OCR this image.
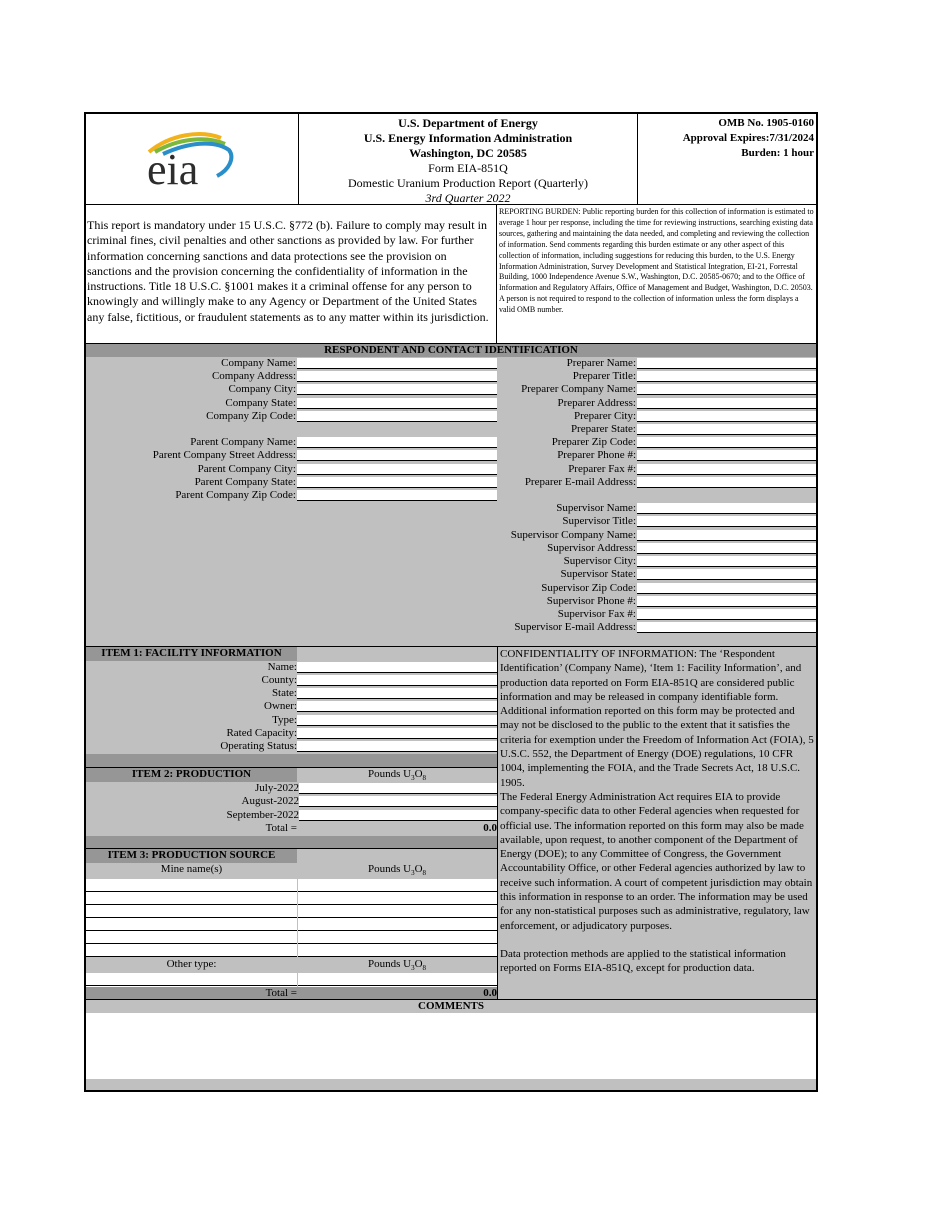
eia
U.S. Department of Energy
U.S. Energy Information Administration
Washington, DC 20585
Form EIA-851Q
Domestic Uranium Production Report (Quarterly)
3rd Quarter 2022
OMB No. 1905-0160
Approval Expires:7/31/2024
Burden: 1 hour
This report is mandatory under 15 U.S.C. §772 (b). Failure to comply may result in criminal fines, civil penalties and other sanctions as provided by law. For further information concerning sanctions and data protections see the provision on sanctions and the provision concerning the confidentiality of information in the instructions. Title 18 U.S.C. §1001 makes it a criminal offense for any person to knowingly and willingly make to any Agency or Department of the United States any false, fictitious, or fraudulent statements as to any matter within its jurisdiction.
REPORTING BURDEN: Public reporting burden for this collection of information is estimated to average 1 hour per response, including the time for reviewing instructions, searching existing data sources, gathering and maintaining the data needed, and completing and reviewing the collection of information. Send comments regarding this burden estimate or any other aspect of this collection of information, including suggestions for reducing this burden, to the U.S. Energy Information Administration, Survey Development and Statistical Integration, EI-21, Forrestal Building, 1000 Independence Avenue S.W., Washington, D.C. 20585-0670; and to the Office of Information and Regulatory Affairs, Office of Management and Budget, Washington, D.C. 20503. A person is not required to respond to the collection of information unless the form displays a valid OMB number.
RESPONDENT AND CONTACT IDENTIFICATION
Company Name:
Company Address:
Company City:
Company State:
Company Zip Code:
Parent Company Name:
Parent Company Street Address:
Parent Company City:
Parent Company State:
Parent Company Zip Code:
Preparer Name:
Preparer Title:
Preparer Company Name:
Preparer Address:
Preparer City:
Preparer State:
Preparer Zip Code:
Preparer Phone #:
Preparer Fax #:
Preparer E-mail Address:
Supervisor Name:
Supervisor Title:
Supervisor Company Name:
Supervisor Address:
Supervisor City:
Supervisor State:
Supervisor Zip Code:
Supervisor Phone #:
Supervisor Fax #:
Supervisor E-mail Address:
ITEM 1: FACILITY INFORMATION
Name:
County:
State:
Owner:
Type:
Rated Capacity:
Operating Status:
ITEM 2: PRODUCTION	Pounds $U_3O_8$
July-2022
August-2022
September-2022
Total =	0.0
ITEM 3: PRODUCTION SOURCE
Mine name(s)	Pounds $U_3O_8$
Other type:	Pounds $U_3O_8$
Total =	0.0

CONFIDENTIALITY OF INFORMATION: The ‘Respondent Identification’ (Company Name), ‘Item 1: Facility Information’, and production data reported on Form EIA-851Q are considered public information and may be released in company identifiable form. Additional information reported on this form may be protected and may not be disclosed to the public to the extent that it satisfies the criteria for exemption under the Freedom of Information Act (FOIA), 5 U.S.C. 552, the Department of Energy (DOE) regulations, 10 CFR 1004, implementing the FOIA, and the Trade Secrets Act, 18 U.S.C. 1905.

The Federal Energy Administration Act requires EIA to provide company-specific data to other Federal agencies when requested for official use. The information reported on this form may also be made available, upon request, to another component of the Department of Energy (DOE); to any Committee of Congress, the Government Accountability Office, or other Federal agencies authorized by law to receive such information. A court of competent jurisdiction may obtain this information in response to an order. The information may be used for any non-statistical purposes such as administrative, regulatory, law enforcement, or adjudicatory purposes.

Data protection methods are applied to the statistical information reported on Forms EIA-851Q, except for production data.

COMMENTS
